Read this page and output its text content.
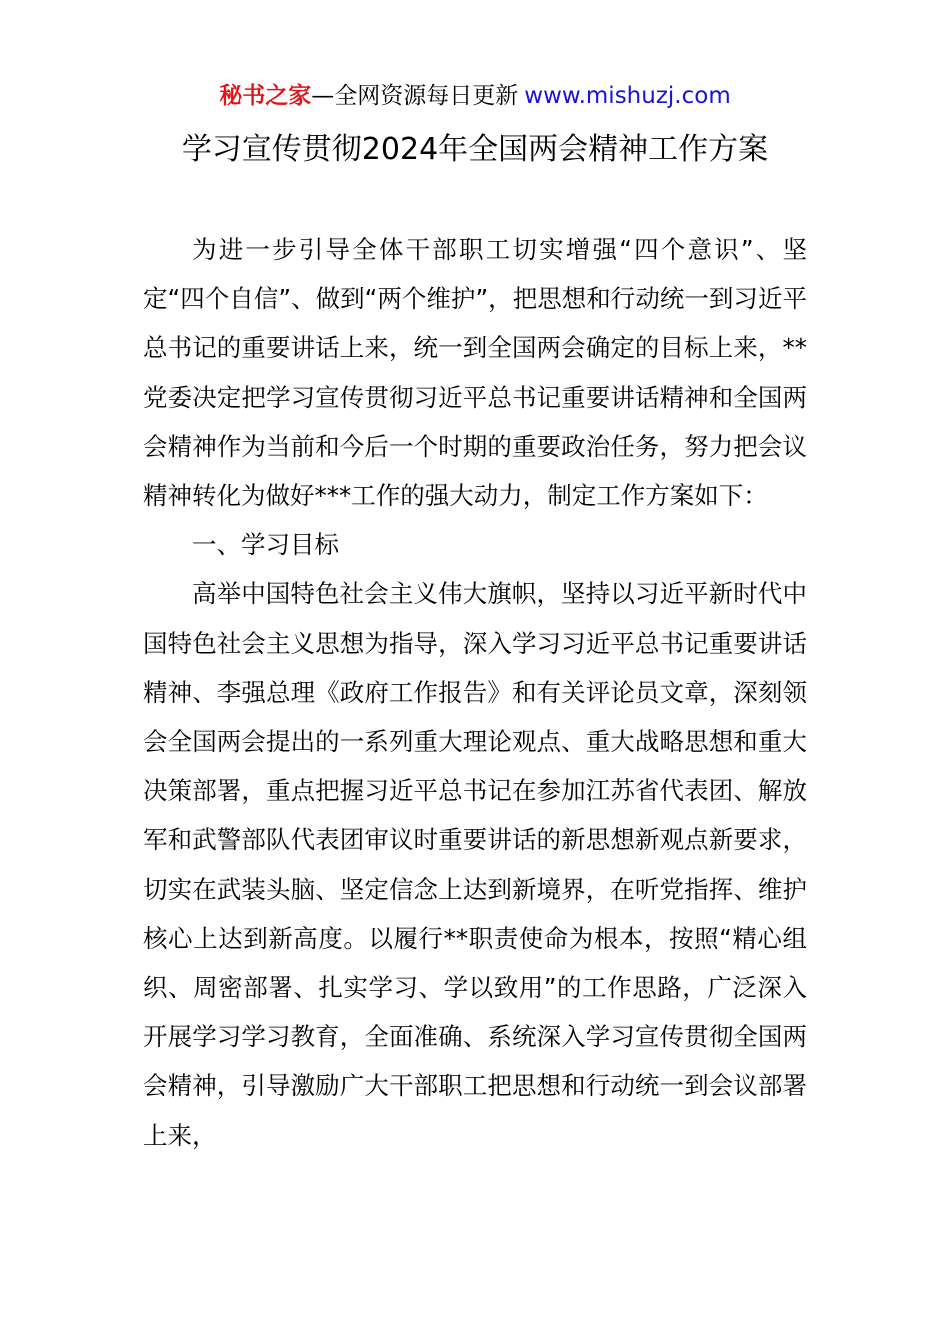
秘书之家—全网资源每日更新 www.mishuzj.com
学习宣传贯彻2024年全国两会精神工作方案

为进一步引导全体干部职工切实增强“四个意识”、坚定“四个自信”、做到“两个维护”，把思想和行动统一到习近平总书记的重要讲话上来，统一到全国两会确定的目标上来，**党委决定把学习宣传贯彻习近平总书记重要讲话精神和全国两会精神作为当前和今后一个时期的重要政治任务，努力把会议精神转化为做好***工作的强大动力，制定工作方案如下：

一、学习目标

高举中国特色社会主义伟大旗帜，坚持以习近平新时代中国特色社会主义思想为指导，深入学习习近平总书记重要讲话精神、李强总理《政府工作报告》和有关评论员文章，深刻领会全国两会提出的一系列重大理论观点、重大战略思想和重大决策部署，重点把握习近平总书记在参加江苏省代表团、解放军和武警部队代表团审议时重要讲话的新思想新观点新要求，切实在武装头脑、坚定信念上达到新境界，在听党指挥、维护核心上达到新高度。以履行**职责使命为根本，按照“精心组织、周密部署、扎实学习、学以致用”的工作思路，广泛深入开展学习学习教育，全面准确、系统深入学习宣传贯彻全国两会精神，引导激励广大干部职工把思想和行动统一到会议部署上来，
